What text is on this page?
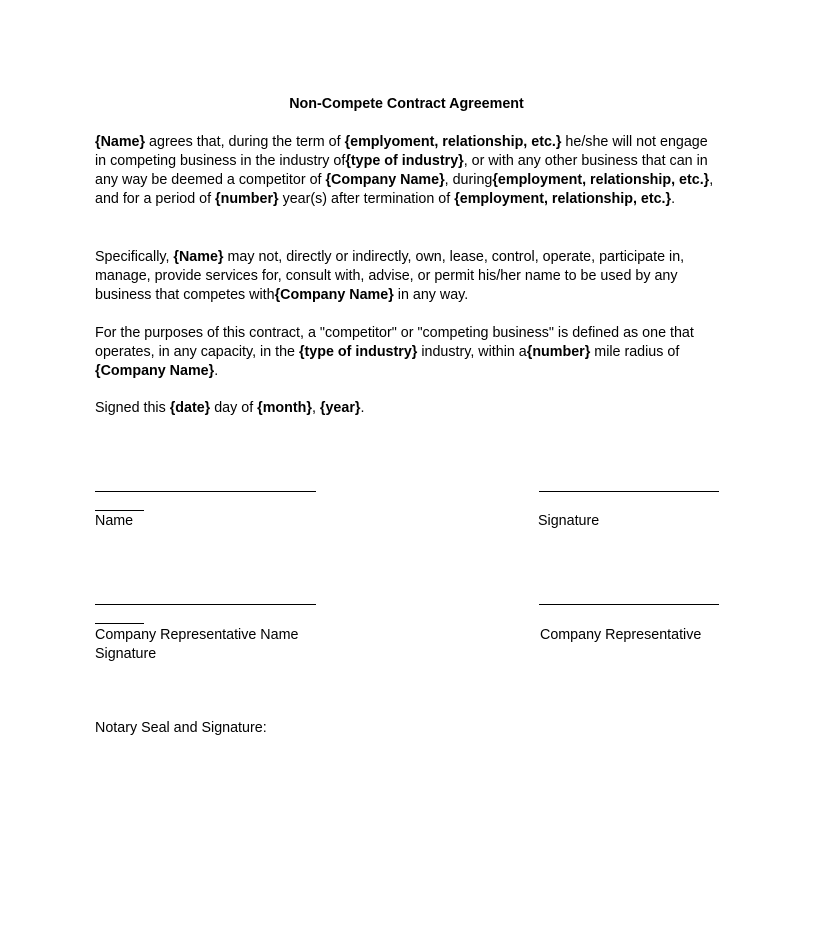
Non-Compete Contract Agreement

{Name} agrees that, during the term of {emplyoment, relationship, etc.} he/she will not engage in competing business in the industry of{type of industry}, or with any other business that can in any way be deemed a competitor of {Company Name}, during{employment, relationship, etc.}, and for a period of {number} year(s) after termination of {employment, relationship, etc.}.

Specifically, {Name} may not, directly or indirectly, own, lease, control, operate, participate in, manage, provide services for, consult with, advise, or permit his/her name to be used by any business that competes with{Company Name} in any way.

For the purposes of this contract, a "competitor" or "competing business" is defined as one that operates, in any capacity, in the {type of industry} industry, within a{number} mile radius of {Company Name}.

Signed this {date} day of {month}, {year}.

Name	Signature
Company Representative Name	Company Representative
Signature
Notary Seal and Signature:
